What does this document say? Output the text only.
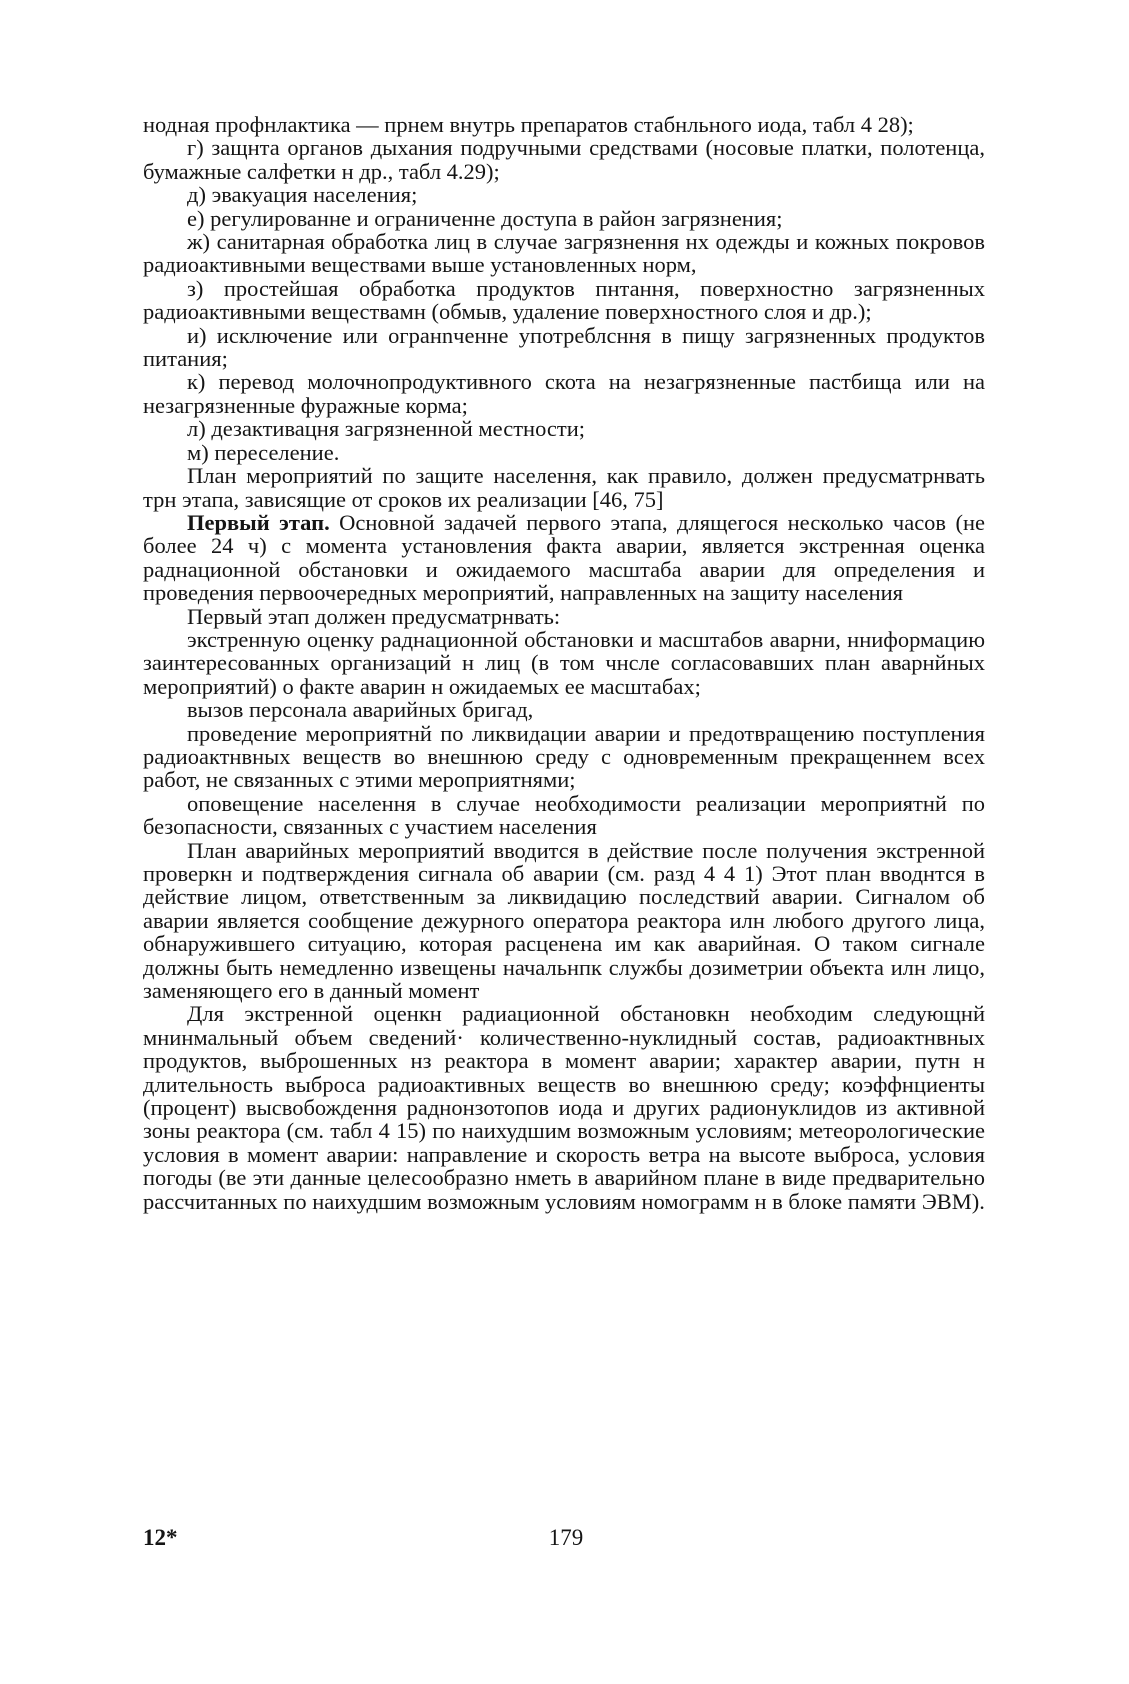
нодная профнлактика — прнем внутрь препаратов стабнльного иода, табл 4 28);

г) защнта органов дыхания подручными средствами (носовые платки, полотенца, бумажные салфетки н др., табл 4.29);

д) эвакуация населения;

е) регулированне и ограниченне доступа в район загрязнения;

ж) санитарная обработка лиц в случае загрязнення нх одежды и кожных покровов радиоактивными веществами выше установленных норм,

з) простейшая обработка продуктов пнтання, поверхностно загрязненных радиоактивными веществамн (обмыв, удаление поверхностного слоя и др.);

и) исключение или огранnченне употреблcння в пищу загрязненных продуктов питания;

к) перевод молочнопродуктивного скота на незагрязненные пастбища или на незагрязненные фуражные корма;

л) дезактивацня загрязненной местности;

м) переселение.

План мероприятий по защите населення, как правило, должен предусматрнвать трн этапа, завиcящие от сроков их реализации [46, 75]

Первый этап. Основной задачей первого этапа, длящегося несколько часов (не более 24 ч) с момента установления факта аварии, является экстренная оценка раднационной обстановки и ожидаемого масштаба аварии для определения и проведения первоочередных мероприятий, направленных на защиту населения

Первый этап должен предусматрнвать:

экстренную оценку раднационной обстановки и масштабов аварни, нниформацию заинтересованных организаций н лиц (в том чнсле согласовавших план аварнйных мероприятий) о факте аварин н ожидаемых ее масштабах;

вызов персонала аварийных бригад,

проведение мероприятнй по ликвидации аварии и предотвращению поступления радиоактнвных веществ во внешнюю среду с одновременным прекращеннем всех работ, не связанных с этими мероприятнями;

оповещение населення в случае необходимости реализации мероприятнй по безопасности, связанных с участием населения

План аварийных мероприятий вводится в действие после получения экстренной проверкн и подтверждения сигнала об аварии (см. разд 4 4 1) Этот план вводнтся в действие лицом, ответственным за ликвидацию последствий аварии. Сигналом об аварии является сообщение дежурного оператора реактора илн любого другого лица, обнаружившего ситуацию, которая расценена им как аварийная. О таком сигнале должны быть немедленно извещены начальнпк службы дозиметрии объекта илн лицо, заменяющего его в данный момент

Для экстренной оценкн радиационной обстановкн необходим следующнй мнинмальный объем сведений· количественно-нуклидный состав, радиоактнвных продуктов, выброшенных нз реактора в момент аварии; характер аварии, путн н длительность выброса радиоактивных веществ во внешнюю среду; коэффнциенты (процент) высвобождення раднонзотопов иода и других радионуклидов из активной зоны реактора (см. табл 4 15) по наихудшим возможным условиям; метеорологические условия в момент аварии: направление и скорость ветра на высоте выброса, условия погоды (ве эти данные целесообразно нметь в аварийном плане в виде предварительно рассчитанных по наихудшим возможным условиям номограмм н в блоке памяти ЭВМ).

12*	179
